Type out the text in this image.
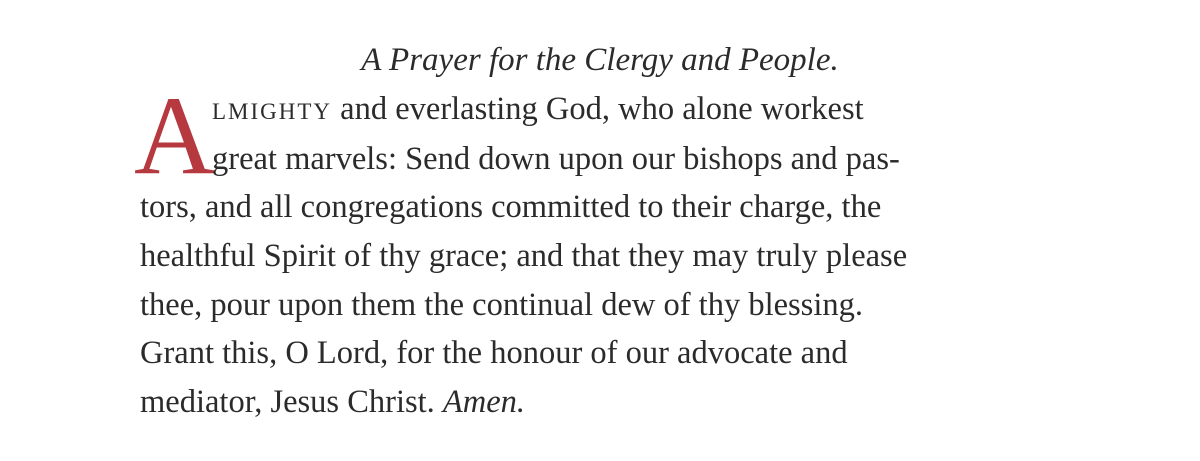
A Prayer for the Clergy and People.
A
lmighty and everlasting God, who alone workest
great marvels: Send down upon our bishops and pas-
tors, and all congregations committed to their charge, the
healthful Spirit of thy grace; and that they may truly please
thee, pour upon them the continual dew of thy blessing.
Grant this, O Lord, for the honour of our advocate and
mediator, Jesus Christ. Amen.
